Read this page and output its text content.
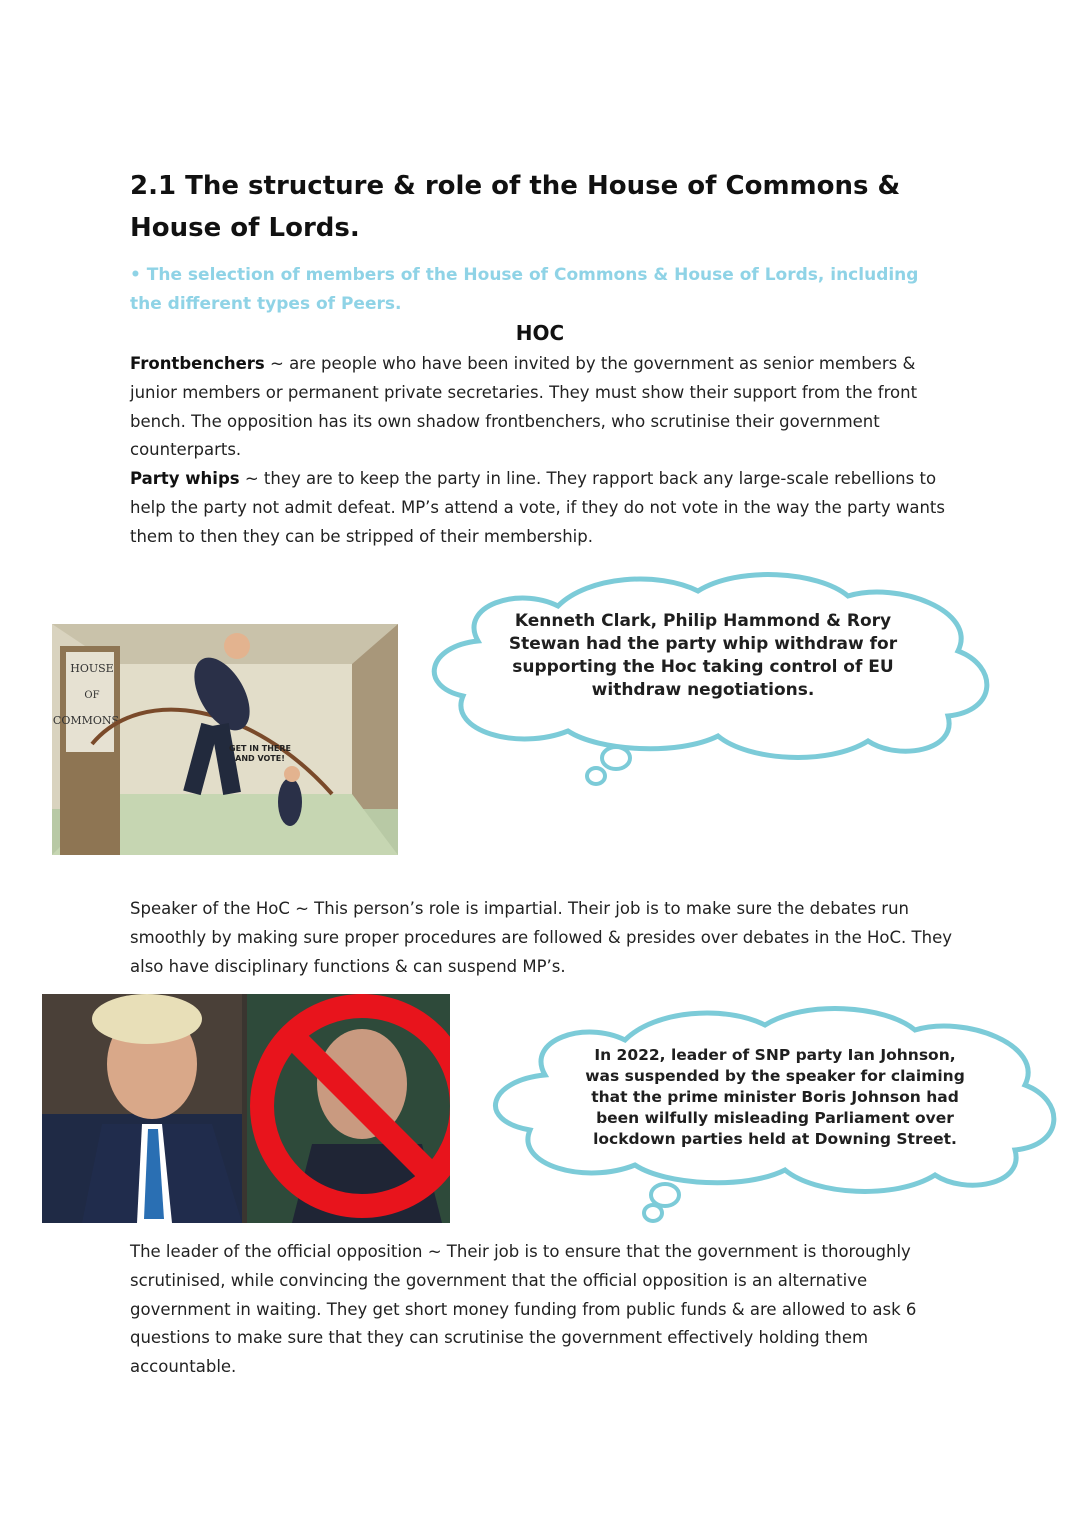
2.1 The structure & role of the House of Commons & House of Lords.
• The selection of members of the House of Commons & House of Lords, including the different types of Peers.
HOC
Frontbenchers ~ are people who have been invited by the government as senior members & junior members or permanent private secretaries. They must show their support from the front bench. The opposition has its own shadow frontbenchers, who scrutinise their government counterparts.
Party whips ~ they are to keep the party in line. They rapport back any large-scale rebellions to help the party not admit defeat. MP’s attend a vote, if they do not vote in the way the party wants them to then they can be stripped of their membership.
HOUSE
OF
COMMONS
GET IN THERE
AND VOTE!
Kenneth Clark, Philip Hammond & Rory
Stewan had the party whip withdraw for
supporting the Hoc taking control of EU
withdraw negotiations.
Speaker of the HoC ~ This person’s role is impartial. Their job is to make sure the debates run smoothly by making sure proper procedures are followed & presides over debates in the HoC. They also have disciplinary functions & can suspend MP’s.
In 2022, leader of SNP party Ian Johnson,
was suspended by the speaker for claiming
that the prime minister Boris Johnson had
been wilfully misleading Parliament over
lockdown parties held at Downing Street.
The leader of the official opposition ~ Their job is to ensure that the government is thoroughly scrutinised, while convincing the government that the official opposition is an alternative government in waiting. They get short money funding from public funds & are allowed to ask 6 questions to make sure that they can scrutinise the government effectively holding them accountable.
